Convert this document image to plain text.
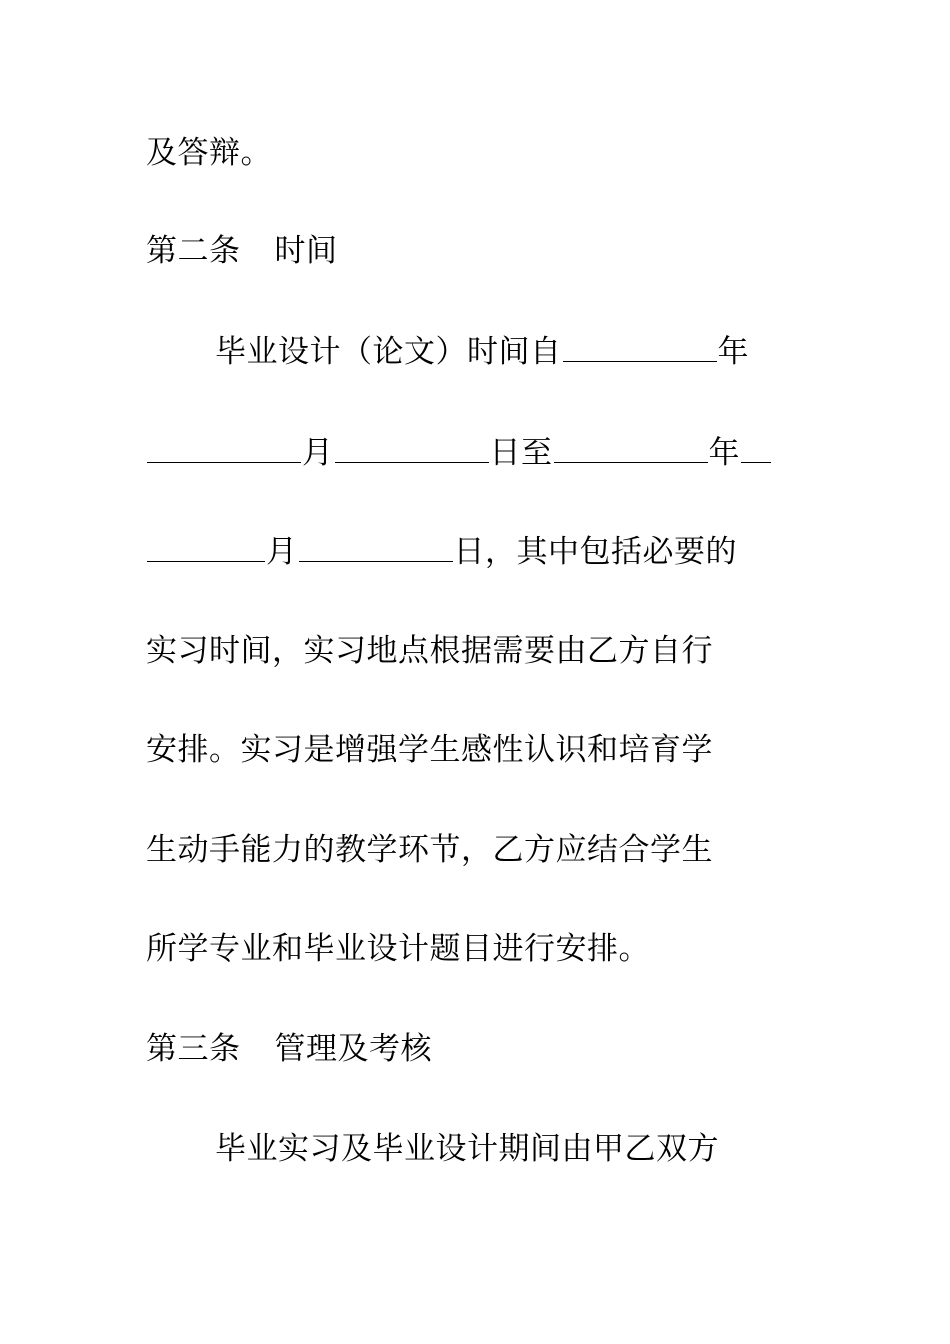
及答辩。
第二条 时间
毕业设计（论文）时间自	年
月	日至	年
月	日，其中包括必要的
实习时间，实习地点根据需要由乙方自行
安排。实习是增强学生感性认识和培育学
生动手能力的教学环节，乙方应结合学生
所学专业和毕业设计题目进行安排。
第三条 管理及考核
毕业实习及毕业设计期间由甲乙双方
